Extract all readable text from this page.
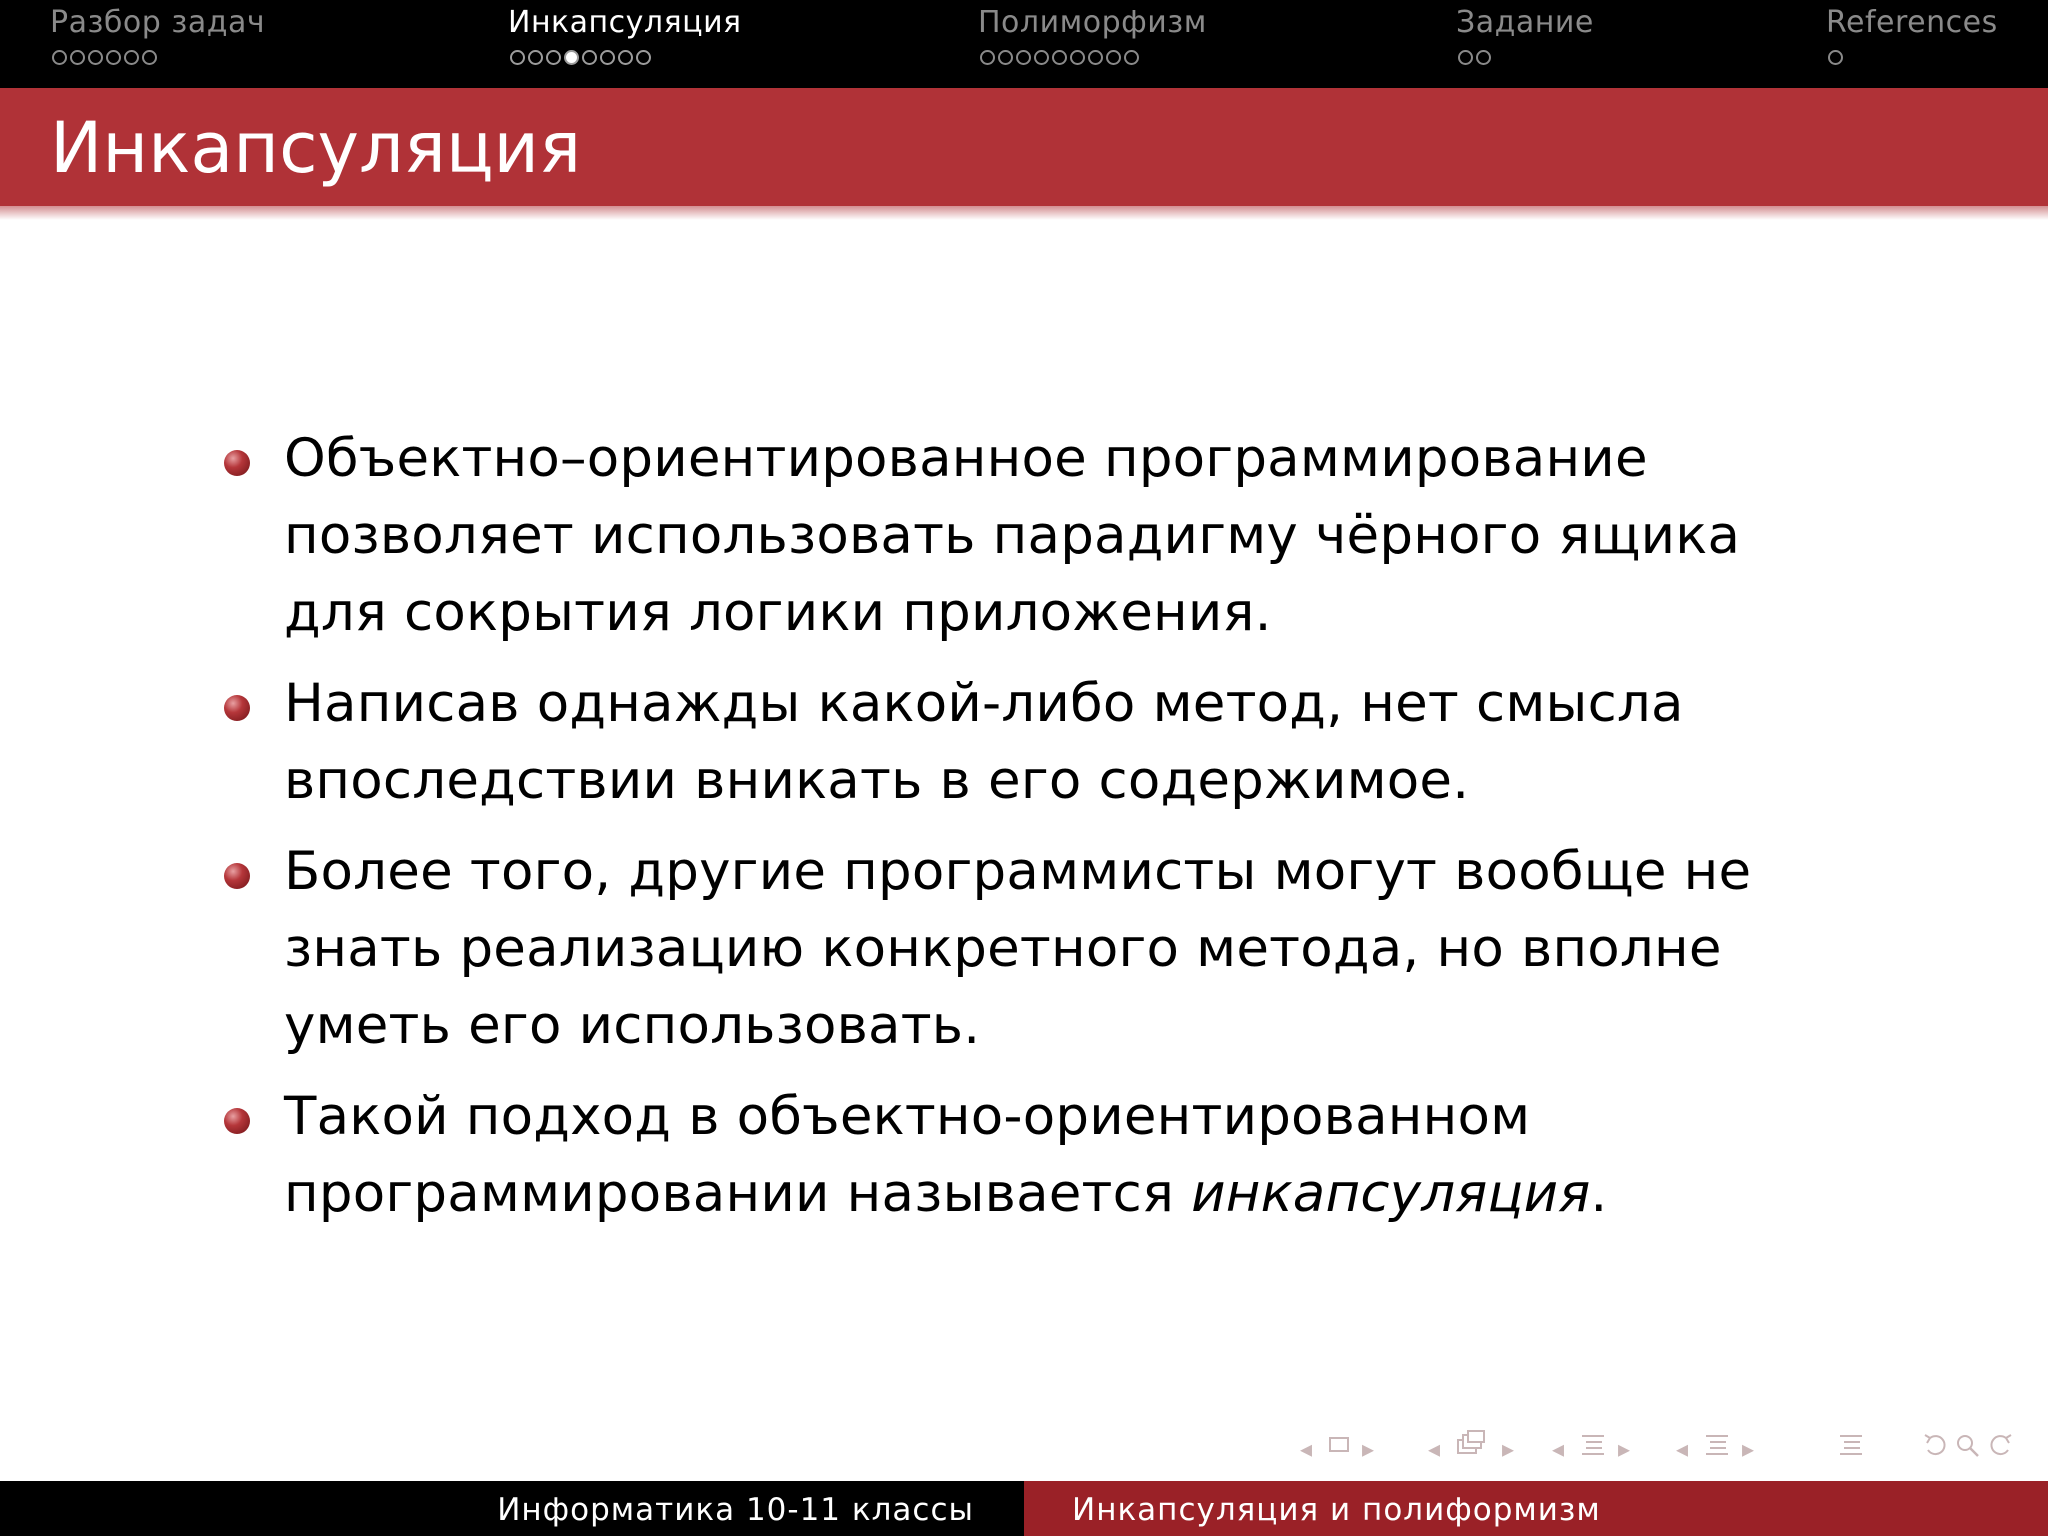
Разбор задач	Инкапсуляция	Полиморфизм	Задание	References
Инкапсуляция
Объектно–ориентированное программирование позволяет использовать парадигму чёрного ящика для сокрытия логики приложения.
Написав однажды какой-либо метод, нет смысла впоследствии вникать в его содержимое.
Более того, другие программисты могут вообще не знать реализацию конкретного метода, но вполне уметь его использовать.
Такой подход в объектно-ориентированном программировании называется инкапсуляция.
◂ ▸ ◂	▸ ◂ ▸ ◂ ▸
Информатика 10-11 классы	Инкапсуляция и полиформизм
